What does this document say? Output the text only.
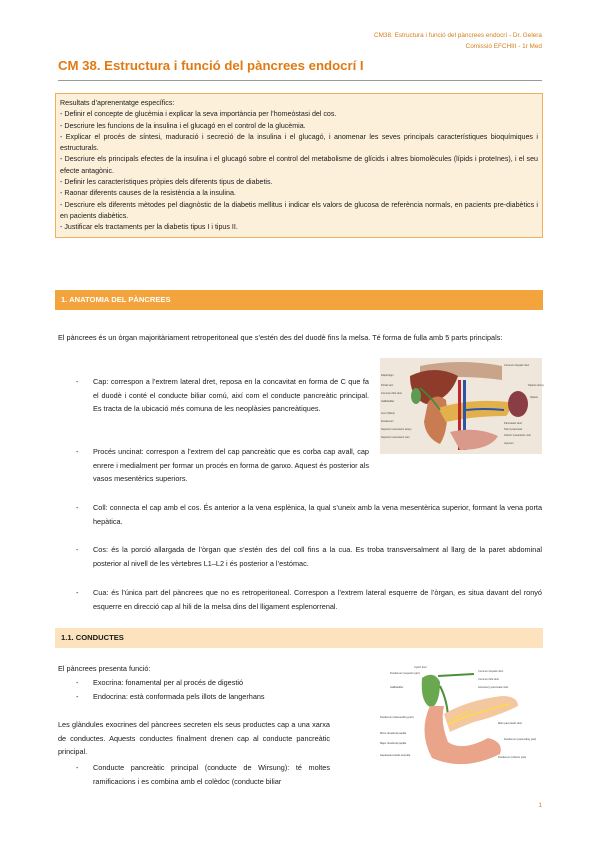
CM38. Estructura i funció del pàncrees endocrí - Dr. Gelera
Comissió EFCHIII - 1r Med
CM 38. Estructura i funció del pàncrees endocrí I

Resultats d’aprenentatge específics:

- Definir el concepte de glucèmia i explicar la seva importància per l’homeòstasi del cos.

- Descriure les funcions de la insulina i el glucagó en el control de la glucèmia.

- Explicar el procés de síntesi, maduració i secreció de la insulina i el glucagó, i anomenar les seves principals característiques bioquímiques i estructurals.

- Descriure els principals efectes de la insulina i el glucagó sobre el control del metabolisme de glícids i altres biomolècules (lípids i proteïnes), i el seu efecte antagònic.

- Definir les característiques pròpies dels diferents tipus de diabetis.

- Raonar diferents causes de la resistència a la insulina.

- Descriure els diferents mètodes pel diagnòstic de la diabetis mellitus i indicar els valors de glucosa de referència normals, en pacients pre-diabètics i en pacients diabètics.

- Justificar els tractaments per la diabetis tipus I i tipus II.

1. ANATOMIA DEL PÀNCREES

El pàncrees és un òrgan majoritàriament retroperitoneal que s’estén des del duodè fins la melsa. Té forma de fulla amb 5 parts principals:

Diaphragm
Portal vein
Common bile duct
Gallbladder
Liver (lifted)
Duodenum
Superior mesenteric artery
Superior mesenteric vein
Common hepatic duct
Splenic artery
Spleen
Pancreatic duct
Tail of pancreas
Inferior mesenteric vein
Jejunum
- Cap: correspon a l’extrem lateral dret, reposa en la concavitat en forma de C que fa el duodè i conté el conducte biliar comú, així com el conducte pancreàtic principal. Es tracta de la ubicació més comuna de les neoplàsies pancreàtiques.

- Procés uncinat: correspon a l’extrem del cap pancreàtic que es corba cap avall, cap enrere i medialment per formar un procés en forma de ganxo. Aquest és posterior als vasos mesentèrics superiors.

- Coll: connecta el cap amb el cos. És anterior a la vena esplènica, la qual s’uneix amb la vena mesentèrica superior, formant la vena porta hepàtica.

- Cos: és la porció allargada de l’òrgan que s’estén des del coll fins a la cua. Es troba transversalment al llarg de la paret abdominal posterior al nivell de les vèrtebres L1–L2 i és posterior a l’estómac.

- Cua: és l’única part del pàncrees que no es retroperitoneal. Correspon a l’extrem lateral esquerre de l’òrgan, es situa davant del ronyó esquerre en direcció cap al hili de la melsa dins del lligament esplenorrenal.

1.1. CONDUCTES

El pàncrees presenta funció:

- Exocrina: fonamental per al procés de digestió

- Endocrina: està conformada pels illots de langerhans

Les glàndules exocrines del pàncrees secreten els seus productes cap a una xarxa de conductes. Aquests conductes finalment drenen cap al conducte pancreàtic principal.

- Conducte pancreàtic principal (conducte de Wirsung): té moltes ramificacions i es combina amb el colèdoc (conducte biliar

Duodenum (superior part)
Gallbladder
Duodenum (descending part)
Minor duodenal papilla
Major duodenal papilla
Hepatopancreatic ampulla
Cystic duct
Common hepatic duct
Common bile duct
Accessory pancreatic duct
Main pancreatic duct
Duodenum (ascending part)
Duodenum (inferior part)
1
